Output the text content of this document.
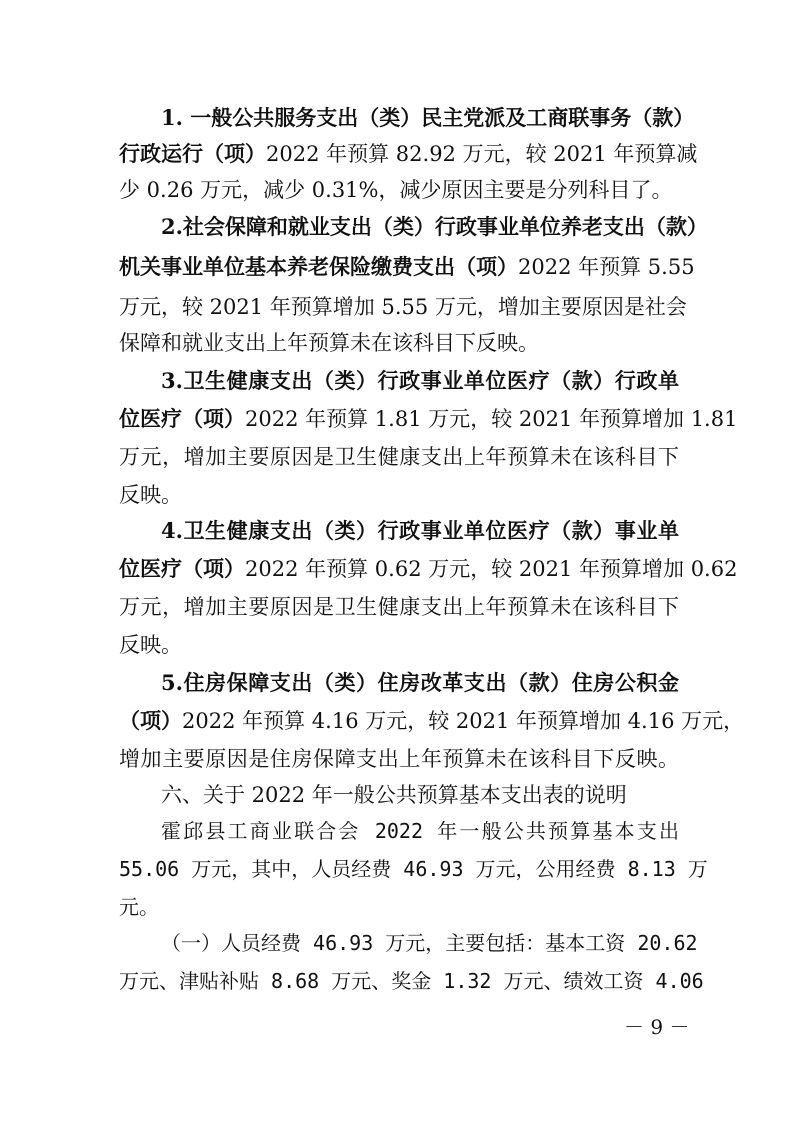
1. 一般公共服务支出（类）民主党派及工商联事务（款）
行政运行（项）2022 年预算 82.92 万元，较 2021 年预算减
少 0.26 万元，减少 0.31%，减少原因主要是分列科目了。
2.社会保障和就业支出（类）行政事业单位养老支出（款）
机关事业单位基本养老保险缴费支出（项）2022 年预算 5.55
万元，较 2021 年预算增加 5.55 万元，增加主要原因是社会
保障和就业支出上年预算未在该科目下反映。
3.卫生健康支出（类）行政事业单位医疗（款）行政单
位医疗（项）2022 年预算 1.81 万元，较 2021 年预算增加 1.81
万元，增加主要原因是卫生健康支出上年预算未在该科目下
反映。
4.卫生健康支出（类）行政事业单位医疗（款）事业单
位医疗（项）2022 年预算 0.62 万元，较 2021 年预算增加 0.62
万元，增加主要原因是卫生健康支出上年预算未在该科目下
反映。
5.住房保障支出（类）住房改革支出（款）住房公积金
（项）2022 年预算 4.16 万元，较 2021 年预算增加 4.16 万元，
增加主要原因是住房保障支出上年预算未在该科目下反映。
六、关于 2022 年一般公共预算基本支出表的说明
霍邱县工商业联合会 2022 年一般公共预算基本支出
55.06 万元，其中，人员经费 46.93 万元，公用经费 8.13 万
元。
（一）人员经费 46.93 万元，主要包括：基本工资 20.62
万元、津贴补贴 8.68 万元、奖金 1.32 万元、绩效工资 4.06
－ 9 －
